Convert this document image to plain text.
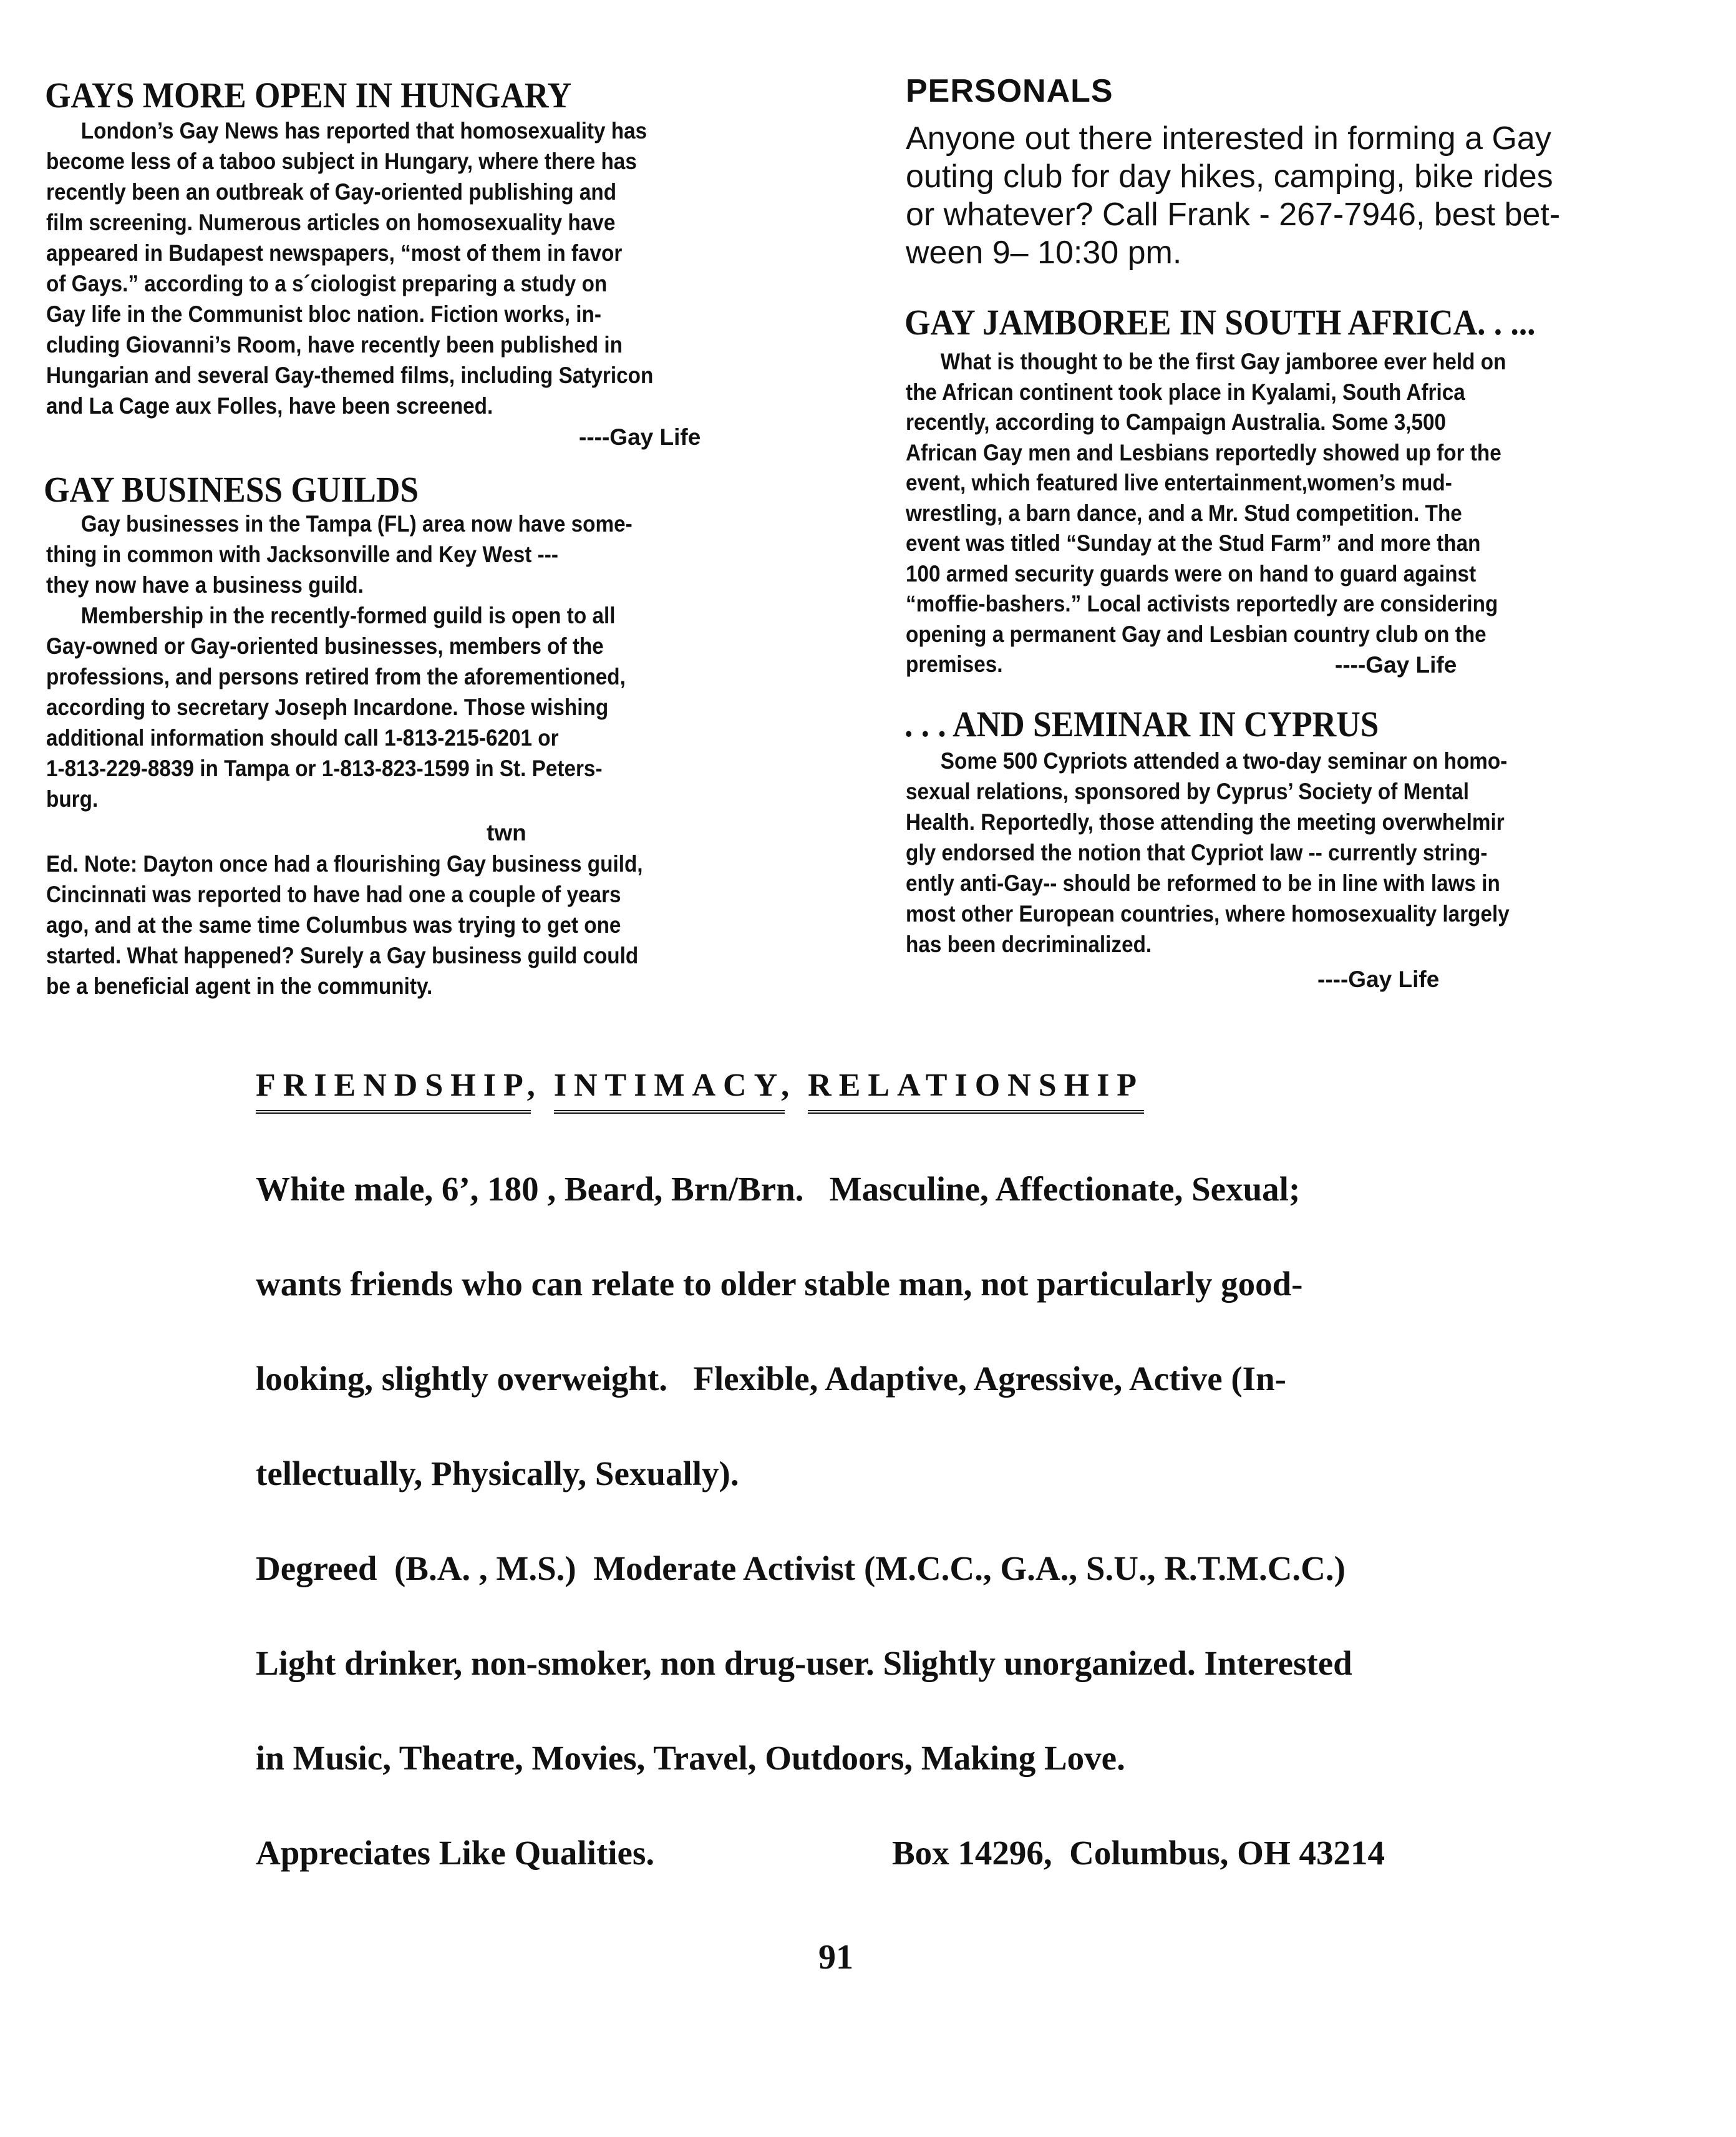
GAYS MORE OPEN IN HUNGARY
London’s Gay News has reported that homosexuality has
become less of a taboo subject in Hungary, where there has
recently been an outbreak of Gay-oriented publishing and
film screening. Numerous articles on homosexuality have
appeared in Budapest newspapers, “most of them in favor
of Gays.” according to a s´ciologist preparing a study on
Gay life in the Communist bloc nation. Fiction works, in-
cluding Giovanni’s Room, have recently been published in
Hungarian and several Gay-themed films, including Satyricon
and La Cage aux Folles, have been screened.
----Gay Life
GAY BUSINESS GUILDS
Gay businesses in the Tampa (FL) area now have some-
thing in common with Jacksonville and Key West ---
they now have a business guild.
Membership in the recently-formed guild is open to all
Gay-owned or Gay-oriented businesses, members of the
professions, and persons retired from the aforementioned,
according to secretary Joseph Incardone. Those wishing
additional information should call 1-813-215-6201 or
1-813-229-8839 in Tampa or 1-813-823-1599 in St. Peters-
burg.
twn
Ed. Note: Dayton once had a flourishing Gay business guild,
Cincinnati was reported to have had one a couple of years
ago, and at the same time Columbus was trying to get one
started. What happened? Surely a Gay business guild could
be a beneficial agent in the community.
PERSONALS
Anyone out there interested in forming a Gay
outing club for day hikes, camping, bike rides
or whatever? Call Frank - 267-7946, best bet-
ween 9– 10:30 pm.
GAY JAMBOREE IN SOUTH AFRICA. . ...
What is thought to be the first Gay jamboree ever held on
the African continent took place in Kyalami, South Africa
recently, according to Campaign Australia. Some 3,500
African Gay men and Lesbians reportedly showed up for the
event, which featured live entertainment,women’s mud-
wrestling, a barn dance, and a Mr. Stud competition. The
event was titled “Sunday at the Stud Farm” and more than
100 armed security guards were on hand to guard against
“moffie-bashers.” Local activists reportedly are considering
opening a permanent Gay and Lesbian country club on the
premises.	----Gay Life
. . . AND SEMINAR IN CYPRUS
Some 500 Cypriots attended a two-day seminar on homo-
sexual relations, sponsored by Cyprus’ Society of Mental
Health. Reportedly, those attending the meeting overwhelmir
gly endorsed the notion that Cypriot law -- currently string-
ently anti-Gay-- should be reformed to be in line with laws in
most other European countries, where homosexuality largely
has been decriminalized.
----Gay Life
FRIENDSHIP, INTIMACY, RELATIONSHIP
White male, 6’, 180 , Beard, Brn/Brn.   Masculine, Affectionate, Sexual;
wants friends who can relate to older stable man, not particularly good-
looking, slightly overweight.   Flexible, Adaptive, Agressive, Active (In-
tellectually, Physically, Sexually).
Degreed  (B.A. , M.S.)  Moderate Activist (M.C.C., G.A., S.U., R.T.M.C.C.)
Light drinker, non-smoker, non drug-user. Slightly unorganized. Interested
in Music, Theatre, Movies, Travel, Outdoors, Making Love.
Appreciates Like Qualities.	Box 14296,  Columbus, OH 43214
91
